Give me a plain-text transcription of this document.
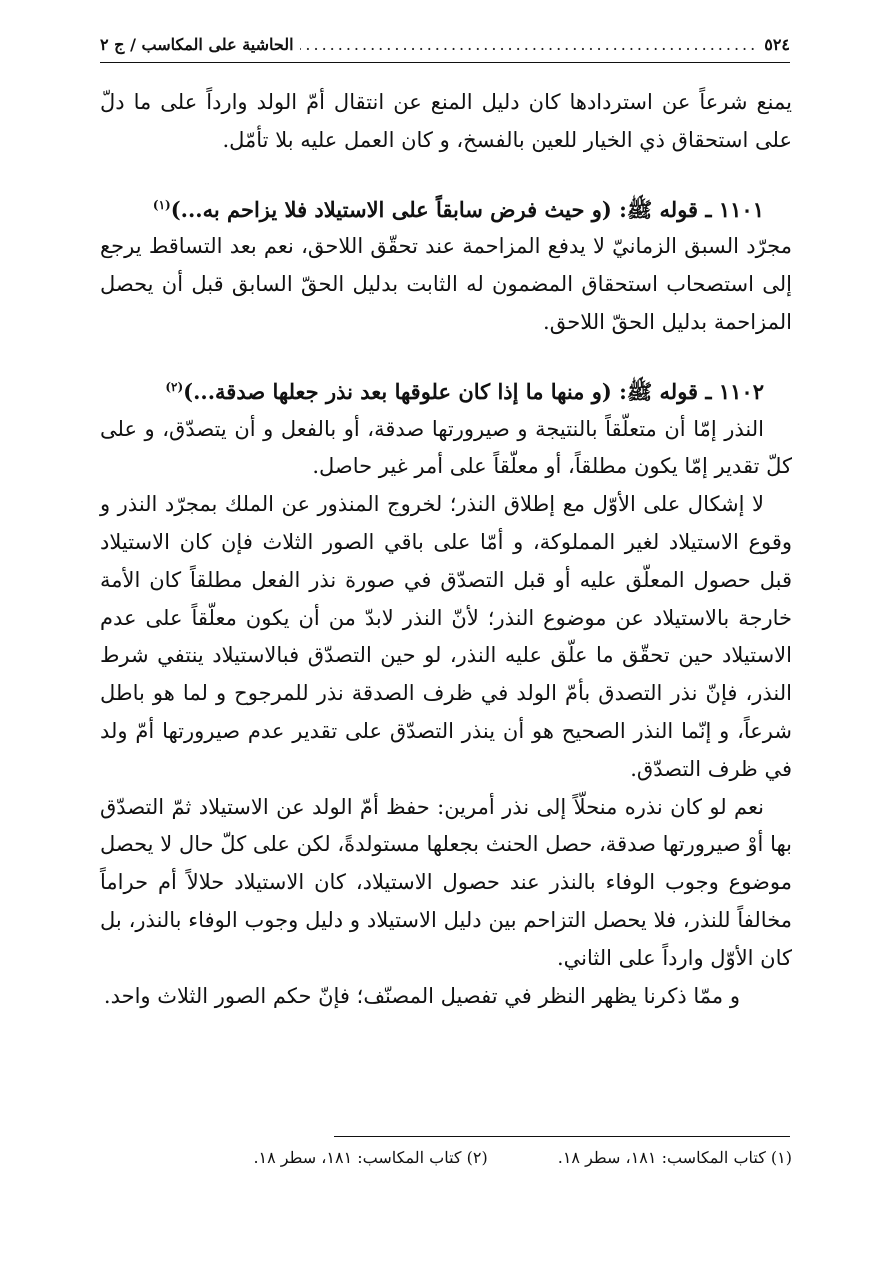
٥٢٤
.....
الحاشية على المكاسب / ج ٢

يمنع شرعاً عن استردادها كان دليل المنع عن انتقال أمّ الولد وارداً على ما دلّ على استحقاق ذي الخيار للعين بالفسخ، و كان العمل عليه بلا تأمّل.

١١٠١ ـ قوله ﷺ: (و حيث فرض سابقاً على الاستيلاد فلا يزاحم به...)$^{(١)}$

مجرّد السبق الزمانيّ لا يدفع المزاحمة عند تحقّق اللاحق، نعم بعد التساقط يرجع إلى استصحاب استحقاق المضمون له الثابت بدليل الحقّ السابق قبل أن يحصل المزاحمة بدليل الحقّ اللاحق.

١١٠٢ ـ قوله ﷺ: (و منها ما إذا كان علوقها بعد نذر جعلها صدقة...)$^{(٢)}$

النذر إمّا أن متعلّقاً بالنتيجة و صيرورتها صدقة، أو بالفعل و أن يتصدّق، و على كلّ تقدير إمّا يكون مطلقاً، أو معلّقاً على أمر غير حاصل.

لا إشكال على الأوّل مع إطلاق النذر؛ لخروج المنذور عن الملك بمجرّد النذر و وقوع الاستيلاد لغير المملوكة، و أمّا على باقي الصور الثلاث فإن كان الاستيلاد قبل حصول المعلّق عليه أو قبل التصدّق في صورة نذر الفعل مطلقاً كان الأمة خارجة بالاستيلاد عن موضوع النذر؛ لأنّ النذر لابدّ من أن يكون معلّقاً على عدم الاستيلاد حين تحقّق ما علّق عليه النذر، لو حين التصدّق فبالاستيلاد ينتفي شرط النذر، فإنّ نذر التصدق بأمّ الولد في ظرف الصدقة نذر للمرجوح و لما هو باطل شرعاً، و إنّما النذر الصحيح هو أن ينذر التصدّق على تقدير عدم صيرورتها أمّ ولد في ظرف التصدّق.

نعم لو كان نذره منحلّاً إلى نذر أمرين: حفظ أمّ الولد عن الاستيلاد ثمّ التصدّق بها أوْ صيرورتها صدقة، حصل الحنث بجعلها مستولدةً، لكن على كلّ حال لا يحصل موضوع وجوب الوفاء بالنذر عند حصول الاستيلاد، كان الاستيلاد حلالاً أم حراماً مخالفاً للنذر، فلا يحصل التزاحم بين دليل الاستيلاد و دليل وجوب الوفاء بالنذر، بل كان الأوّل وارداً على الثاني.

و ممّا ذكرنا يظهر النظر في تفصيل المصنّف؛ فإنّ حكم الصور الثلاث واحد.

(١) كتاب المكاسب: ١٨١، سطر ١٨.
(٢) كتاب المكاسب: ١٨١، سطر ١٨.
